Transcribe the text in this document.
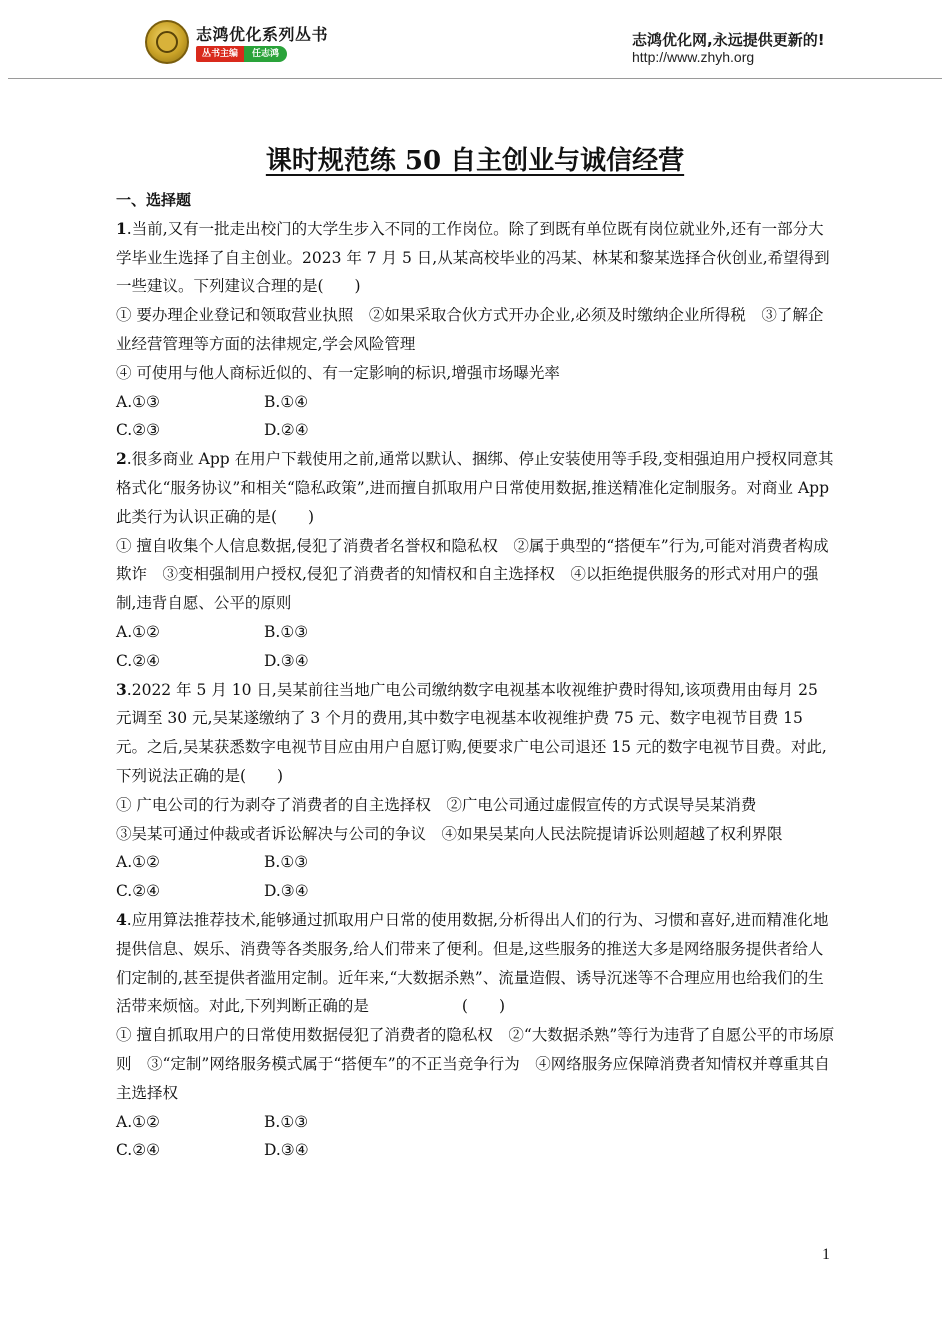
志鸿优化系列丛书
丛书主编	任志鸿
志鸿优化网,永远提供更新的!
http://www.zhyh.org
课时规范练 50 自主创业与诚信经营
一、选择题

1.当前,又有一批走出校门的大学生步入不同的工作岗位。除了到既有单位既有岗位就业外,还有一部分大学毕业生选择了自主创业。2023 年 7 月 5 日,从某高校毕业的冯某、林某和黎某选择合伙创业,希望得到一些建议。下列建议合理的是(　　)

① 要办理企业登记和领取营业执照　②如果采取合伙方式开办企业,必须及时缴纳企业所得税　③了解企业经营管理等方面的法律规定,学会风险管理

④ 可使用与他人商标近似的、有一定影响的标识,增强市场曝光率

A.①③	B.①④
C.②③	D.②④

2.很多商业 App 在用户下载使用之前,通常以默认、捆绑、停止安装使用等手段,变相强迫用户授权同意其格式化“服务协议”和相关“隐私政策”,进而擅自抓取用户日常使用数据,推送精准化定制服务。对商业 App 此类行为认识正确的是(　　)

① 擅自收集个人信息数据,侵犯了消费者名誉权和隐私权　②属于典型的“搭便车”行为,可能对消费者构成欺诈　③变相强制用户授权,侵犯了消费者的知情权和自主选择权　④以拒绝提供服务的形式对用户的强制,违背自愿、公平的原则

A.①②	B.①③
C.②④	D.③④

3.2022 年 5 月 10 日,吴某前往当地广电公司缴纳数字电视基本收视维护费时得知,该项费用由每月 25 元调至 30 元,吴某遂缴纳了 3 个月的费用,其中数字电视基本收视维护费 75 元、数字电视节目费 15 元。之后,吴某获悉数字电视节目应由用户自愿订购,便要求广电公司退还 15 元的数字电视节目费。对此,下列说法正确的是(　　)

① 广电公司的行为剥夺了消费者的自主选择权　②广电公司通过虚假宣传的方式误导吴某消费

③吴某可通过仲裁或者诉讼解决与公司的争议　④如果吴某向人民法院提请诉讼则超越了权利界限

A.①②	B.①③
C.②④	D.③④

4.应用算法推荐技术,能够通过抓取用户日常的使用数据,分析得出人们的行为、习惯和喜好,进而精准化地提供信息、娱乐、消费等各类服务,给人们带来了便利。但是,这些服务的推送大多是网络服务提供者给人们定制的,甚至提供者滥用定制。近年来,“大数据杀熟”、流量造假、诱导沉迷等不合理应用也给我们的生活带来烦恼。对此,下列判断正确的是　　　　　　(　　)

① 擅自抓取用户的日常使用数据侵犯了消费者的隐私权　②“大数据杀熟”等行为违背了自愿公平的市场原则　③“定制”网络服务模式属于“搭便车”的不正当竞争行为　④网络服务应保障消费者知情权并尊重其自主选择权

A.①②	B.①③
C.②④	D.③④
1
